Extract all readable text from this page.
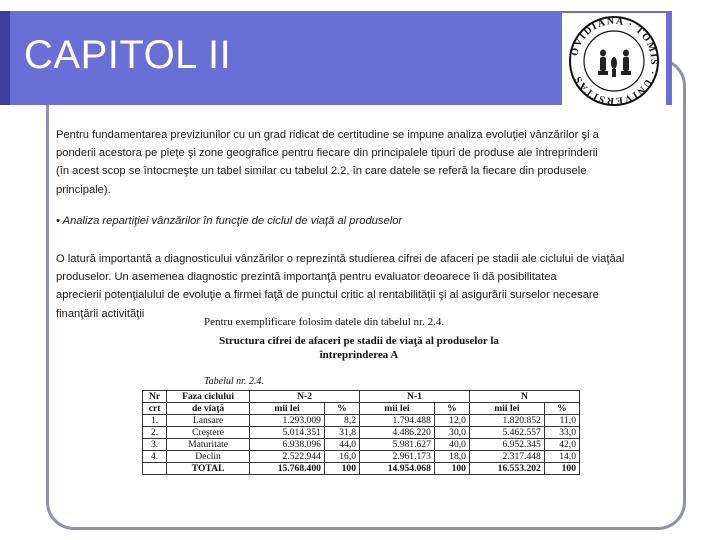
CAPITOL II	OVIDIANA · TOMIS · UNIVERSITAS
Pentru fundamentarea previziunilor cu un grad ridicat de certitudine se impune analiza evoluţiei vânzărilor şi a
ponderii acestora pe pieţe şi zone geografice pentru fiecare din principalele tipuri de produse ale întreprinderii
(în acest scop se întocmeşte un tabel similar cu tabelul 2.2, în care datele se referă la fiecare din produsele
principale).
• Analiza repartiţiei vânzărilor în funcţie de ciclul de viaţă al produselor
O latură importantă a diagnosticului vânzărilor o reprezintă studierea cifrei de afaceri pe stadii ale ciclului de viaţăal
produselor. Un asemenea diagnostic prezintă importanţă pentru evaluator deoarece îi dă posibilitatea
aprecierii potenţialului de evoluţie a firmei faţă de punctul critic al rentabilităţii şi al asigurării surselor necesare
finanţării activităţii
Pentru exemplificare folosim datele din tabelul nr. 2.4.
Structura cifrei de afaceri pe stadii de viaţă al produselor la
întreprinderea A
Tabelul nr. 2.4.
Nr	Faza ciclului	N-2		N-1		N	
crt	de viaţă	mii lei	%	mii lei	%	mii lei	%
1.	Lansare	1.293.009	8,2	1.794.488	12,0	1.820.852	11,0
2.	Creştere	5.014.351	31,8	4.486.220	30,0	5.462.557	33,0
3.	Maturitate	6.938.096	44,0	5.981.627	40,0	6.952.345	42,0
4.	Declin	2.522.944	16,0	2.961.173	18,0	2.317.448	14,0
	TOTAL	15.768.400	100	14.954.068	100	16.553.202	100
